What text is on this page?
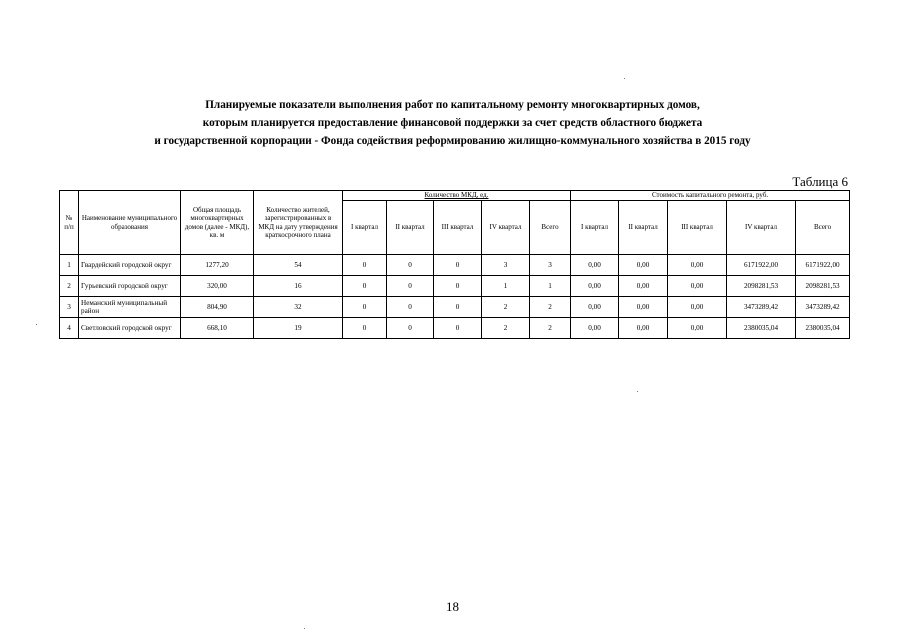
Планируемые показатели выполнения работ по капитальному ремонту многоквартирных домов,
которым планируется предоставление финансовой поддержки за счет средств областного бюджета
и государственной корпорации - Фонда содействия реформированию жилищно-коммунального хозяйства в 2015 году
Таблица 6
№ п/п	Наименование муниципального образования	Общая площадь многоквартирных домов (далее - МКД), кв. м	Количество жителей, зарегистрированных в МКД на дату утверждения краткосрочного плана	Количество МКД, ед.					Стоимость капитального ремонта, руб.				
				I квартал	II квартал	III квартал	IV квартал	Всего	I квартал	II квартал	III квартал	IV квартал	Всего
1	Гвардейский городской округ	1277,20	54	0	0	0	3	3	0,00	0,00	0,00	6171922,00	6171922,00
2	Гурьевский городской округ	320,00	16	0	0	0	1	1	0,00	0,00	0,00	2098281,53	2098281,53
3	Неманский муниципальный район	804,90	32	0	0	0	2	2	0,00	0,00	0,00	3473289,42	3473289,42
4	Светловский городской округ	668,10	19	0	0	0	2	2	0,00	0,00	0,00	2380035,04	2380035,04
18
